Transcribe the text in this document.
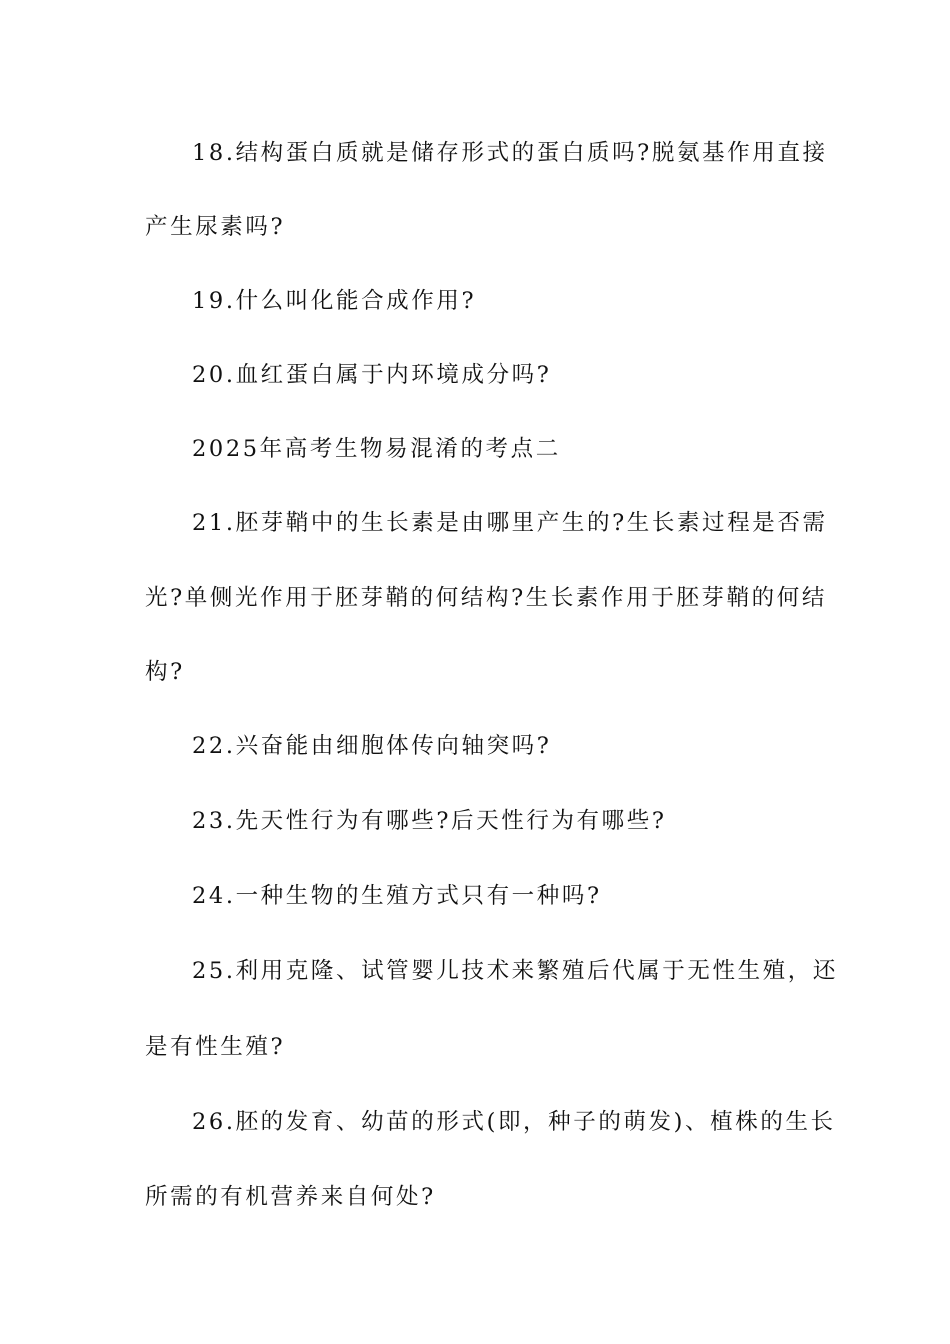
18.结构蛋白质就是储存形式的蛋白质吗?脱氨基作用直接
产生尿素吗?
19.什么叫化能合成作用?
20.血红蛋白属于内环境成分吗?
2025年高考生物易混淆的考点二
21.胚芽鞘中的生长素是由哪里产生的?生长素过程是否需
光?单侧光作用于胚芽鞘的何结构?生长素作用于胚芽鞘的何结
构?
22.兴奋能由细胞体传向轴突吗?
23.先天性行为有哪些?后天性行为有哪些?
24.一种生物的生殖方式只有一种吗?
25.利用克隆、试管婴儿技术来繁殖后代属于无性生殖，还
是有性生殖?
26.胚的发育、幼苗的形式(即，种子的萌发)、植株的生长
所需的有机营养来自何处?
